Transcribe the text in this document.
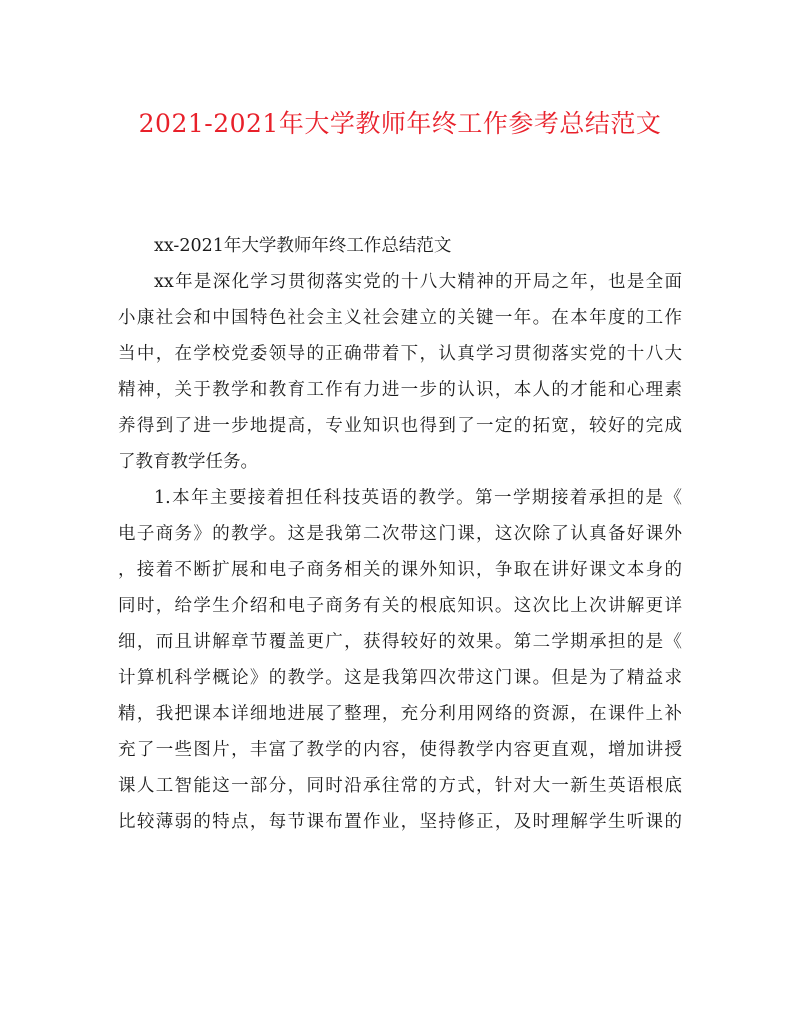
2021-2021年大学教师年终工作参考总结范文

xx-2021年大学教师年终工作总结范文

xx年是深化学习贯彻落实党的十八大精神的开局之年，也是全面
小康社会和中国特色社会主义社会建立的关键一年。在本年度的工作
当中，在学校党委领导的正确带着下，认真学习贯彻落实党的十八大
精神，关于教学和教育工作有力进一步的认识，本人的才能和心理素
养得到了进一步地提高，专业知识也得到了一定的拓宽，较好的完成
了教育教学任务。

1.本年主要接着担任科技英语的教学。第一学期接着承担的是《
电子商务》的教学。这是我第二次带这门课，这次除了认真备好课外
，接着不断扩展和电子商务相关的课外知识，争取在讲好课文本身的
同时，给学生介绍和电子商务有关的根底知识。这次比上次讲解更详
细，而且讲解章节覆盖更广，获得较好的效果。第二学期承担的是《
计算机科学概论》的教学。这是我第四次带这门课。但是为了精益求
精，我把课本详细地进展了整理，充分利用网络的资源，在课件上补
充了一些图片，丰富了教学的内容，使得教学内容更直观，增加讲授
课人工智能这一部分，同时沿承往常的方式，针对大一新生英语根底
比较薄弱的特点，每节课布置作业，坚持修正，及时理解学生听课的
